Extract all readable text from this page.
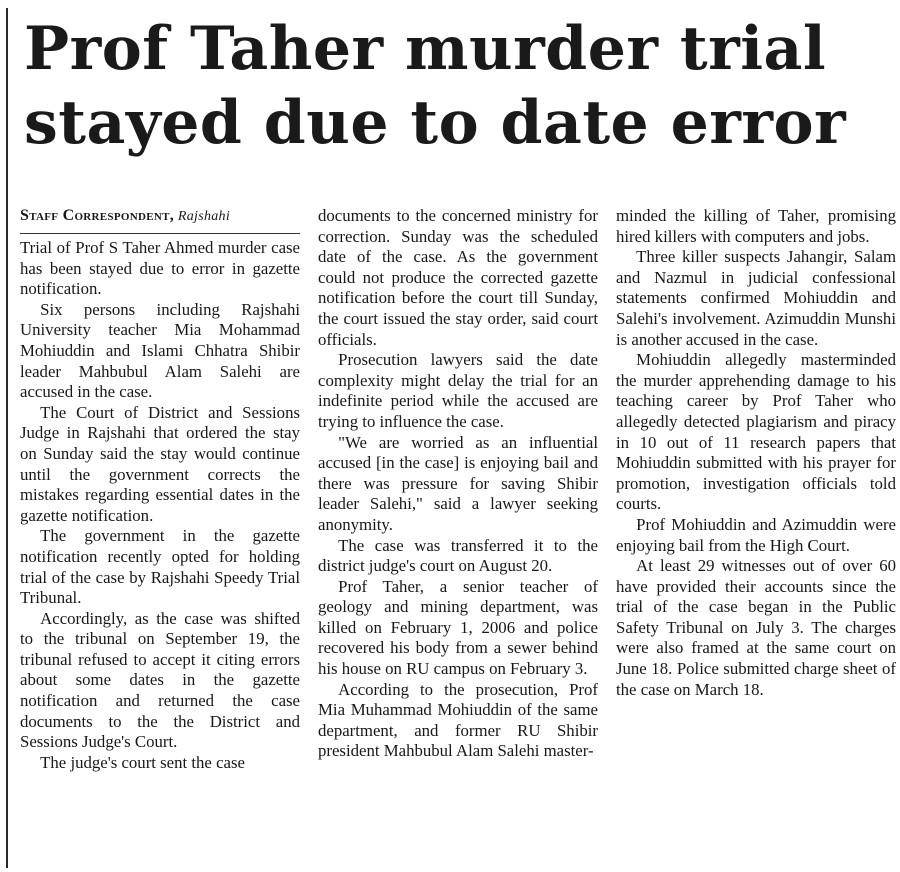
Prof Taher murder trial
stayed due to date error
Staff Correspondent, Rajshahi

Trial of Prof S Taher Ahmed murder case has been stayed due to error in gazette notification.

Six persons including Rajshahi University teacher Mia Mohammad Mohiuddin and Islami Chhatra Shibir leader Mahbubul Alam Salehi are accused in the case.

The Court of District and Sessions Judge in Rajshahi that ordered the stay on Sunday said the stay would continue until the government corrects the mistakes regarding essential dates in the gazette notification.

The government in the gazette notification recently opted for holding trial of the case by Rajshahi Speedy Trial Tribunal.

Accordingly, as the case was shifted to the tribunal on September 19, the tribunal refused to accept it citing errors about some dates in the gazette notification and returned the case documents to the the District and Sessions Judge's Court.

The judge's court sent the case

documents to the concerned ministry for correction. Sunday was the scheduled date of the case. As the government could not produce the corrected gazette notification before the court till Sunday, the court issued the stay order, said court officials.

Prosecution lawyers said the date complexity might delay the trial for an indefinite period while the accused are trying to influence the case.

"We are worried as an influential accused [in the case] is enjoying bail and there was pressure for saving Shibir leader Salehi," said a lawyer seeking anonymity.

The case was transferred it to the district judge's court on August 20.

Prof Taher, a senior teacher of geology and mining department, was killed on February 1, 2006 and police recovered his body from a sewer behind his house on RU campus on February 3.

According to the prosecution, Prof Mia Muhammad Mohiuddin of the same department, and former RU Shibir president Mahbubul Alam Salehi master-

minded the killing of Taher, promising hired killers with computers and jobs.

Three killer suspects Jahangir, Salam and Nazmul in judicial confessional statements confirmed Mohiuddin and Salehi's involvement. Azimuddin Munshi is another accused in the case.

Mohiuddin allegedly masterminded the murder apprehending damage to his teaching career by Prof Taher who allegedly detected plagiarism and piracy in 10 out of 11 research papers that Mohiuddin submitted with his prayer for promotion, investigation officials told courts.

Prof Mohiuddin and Azimuddin were enjoying bail from the High Court.

At least 29 witnesses out of over 60 have provided their accounts since the trial of the case began in the Public Safety Tribunal on July 3. The charges were also framed at the same court on June 18. Police submitted charge sheet of the case on March 18.
